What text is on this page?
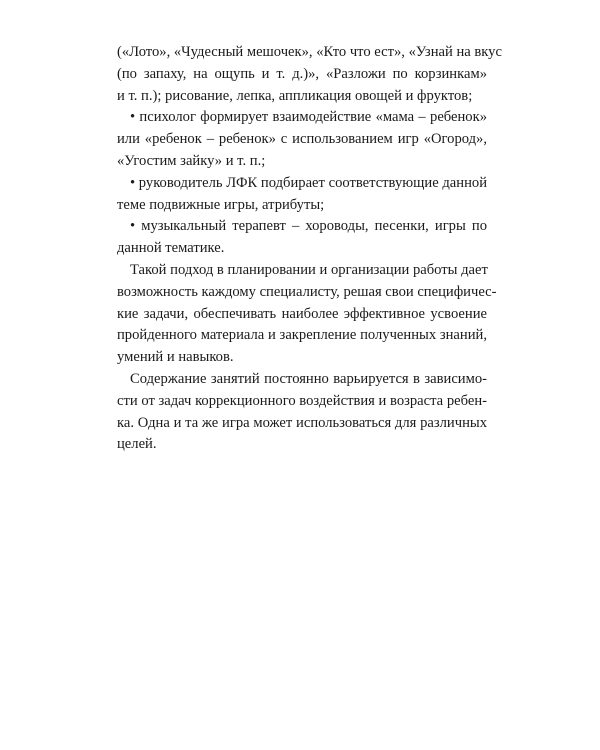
(«Лото», «Чудесный мешочек», «Кто что ест», «Узнай на вкус
(по запаху, на ощупь и т. д.)», «Разложи по корзинкам»
и т. п.); рисование, лепка, аппликация овощей и фруктов;

• психолог формирует взаимодействие «мама – ребенок»
или «ребенок – ребенок» с использованием игр «Огород»,
«Угостим зайку» и т. п.;

• руководитель ЛФК подбирает соответствующие данной
теме подвижные игры, атрибуты;

• музыкальный терапевт – хороводы, песенки, игры по
данной тематике.

Такой подход в планировании и организации работы дает
возможность каждому специалисту, решая свои специфичес-
кие задачи, обеспечивать наиболее эффективное усвоение
пройденного материала и закрепление полученных знаний,
умений и навыков.

Содержание занятий постоянно варьируется в зависимо-
сти от задач коррекционного воздействия и возраста ребен-
ка. Одна и та же игра может использоваться для различных
целей.
